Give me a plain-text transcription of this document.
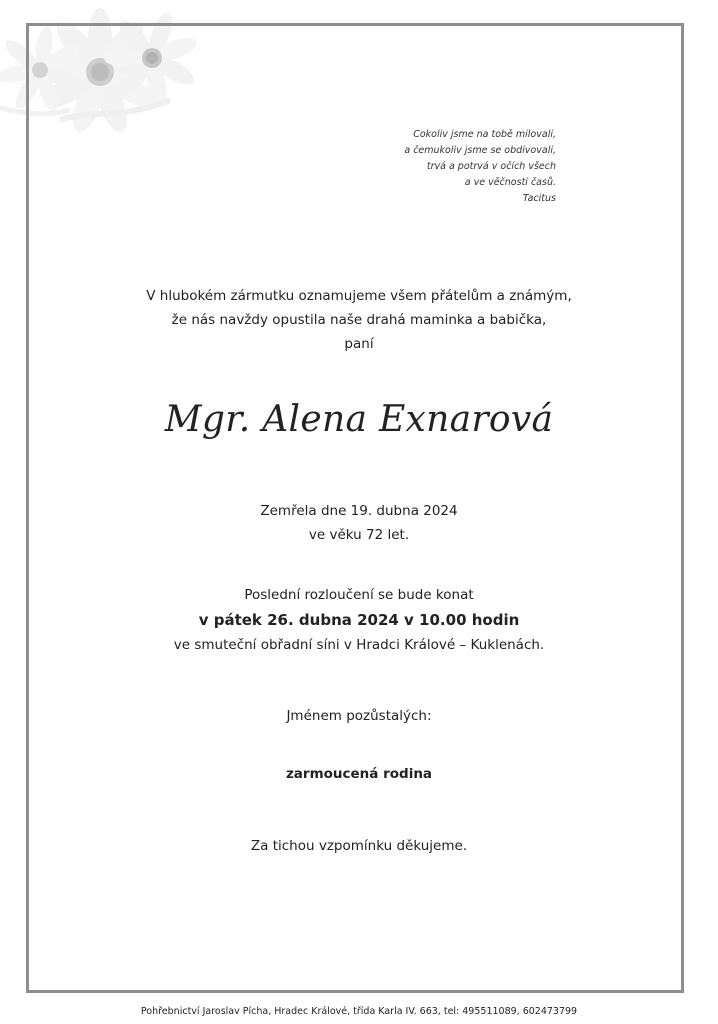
Cokoliv jsme na tobě milovali,
a čemukoliv jsme se obdivovali,
trvá a potrvá v očích všech
a ve věčnosti časů.
Tacitus
V hlubokém zármutku oznamujeme všem přátelům a známým,
že nás navždy opustila naše drahá maminka a babička,
paní
Mgr. Alena Exnarová
Zemřela dne 19. dubna 2024
ve věku 72 let.
Poslední rozloučení se bude konat
v pátek 26. dubna 2024 v 10.00 hodin
ve smuteční obřadní síni v Hradci Králové – Kuklenách.
Jménem pozůstalých:
zarmoucená rodina
Za tichou vzpomínku děkujeme.
Pohřebnictví Jaroslav Pícha, Hradec Králové, třída Karla IV. 663, tel: 495511089, 602473799
